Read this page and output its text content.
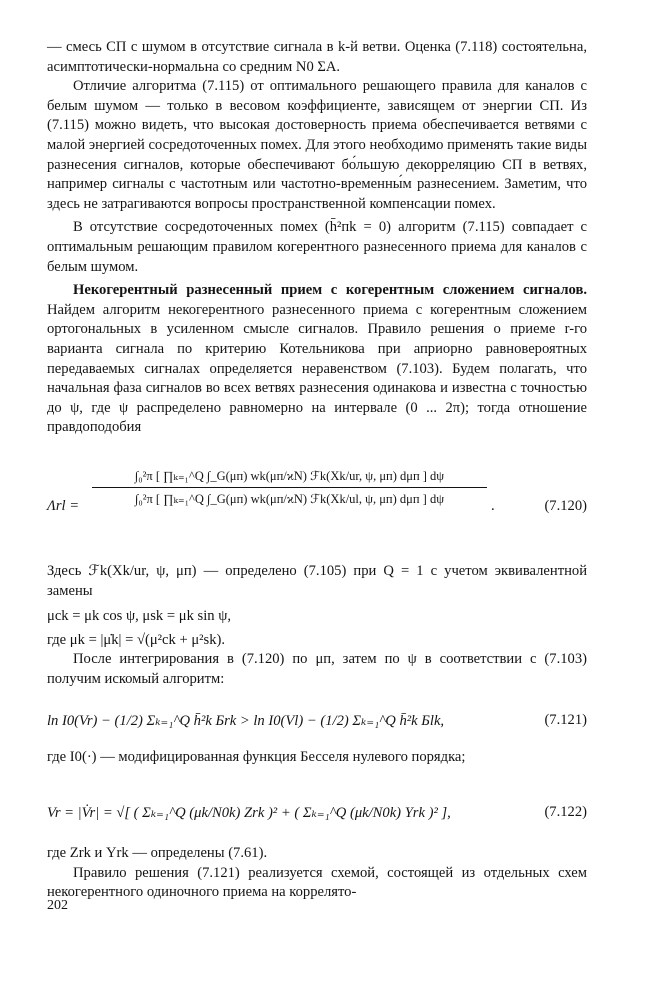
— смесь СП с шумом в отсутствие сигнала в k-й ветви. Оценка (7.118) состоятельна, асимптотически-нормальна со средним N0 ΣA.

Отличие алгоритма (7.115) от оптимального решающего правила для каналов с белым шумом — только в весовом коэффициенте, зависящем от энергии СП. Из (7.115) можно видеть, что высокая достоверность приема обеспечивается ветвями с малой энергией сосредоточенных помех. Для этого необходимо применять такие виды разнесения сигналов, которые обеспечивают бо́льшую декорреляцию СП в ветвях, например сигналы с частотным или частотно-временны́м разнесением. Заметим, что здесь не затрагиваются вопросы пространственной компенсации помех.

В отсутствие сосредоточенных помех (h̄²пk = 0) алгоритм (7.115) совпадает с оптимальным решающим правилом когерентного разнесенного приема для каналов с белым шумом.

Некогерентный разнесенный прием с когерентным сложением сигналов. Найдем алгоритм некогерентного разнесенного приема с когерентным сложением ортогональных в усиленном смысле сигналов. Правило решения о приеме r-го варианта сигнала по критерию Котельникова при априорно равновероятных передаваемых сигналах определяется неравенством (7.103). Будем полагать, что начальная фаза сигналов во всех ветвях разнесения одинакова и известна с точностью до ψ, где ψ распределено равномерно на интервале (0 ... 2π); тогда отношение правдоподобия

Λrl =
∫₀²π [ ∏ₖ₌₁^Q ∫_G(μп) wk(μп/ϰN) ℱk(Xk/ur, ψ, μп) dμп ] dψ
∫₀²π [ ∏ₖ₌₁^Q ∫_G(μп) wk(μп/ϰN) ℱk(Xk/ul, ψ, μп) dμп ] dψ	.	(7.120)

Здесь ℱk(Xk/ur, ψ, μп) — определено (7.105) при Q = 1 с учетом эквивалентной замены

μck = μk cos ψ, μsk = μk sin ψ,

где μk = |μ̇k| = √(μ²ck + μ²sk).

После интегрирования в (7.120) по μп, затем по ψ в соответствии с (7.103) получим искомый алгоритм:

ln I0(Vr) − (1/2) Σₖ₌₁^Q h̄²k Бrk > ln I0(Vl) − (1/2) Σₖ₌₁^Q h̄²k Бlk,	(7.121)

где I0(·) — модифицированная функция Бесселя нулевого порядка;

Vr = |V̇r| = √[ ( Σₖ₌₁^Q (μk/N0k) Zrk )² + ( Σₖ₌₁^Q (μk/N0k) Yrk )² ],	(7.122)

где Zrk и Yrk — определены (7.61).

Правило решения (7.121) реализуется схемой, состоящей из отдельных схем некогерентного одиночного приема на коррелято-

202
